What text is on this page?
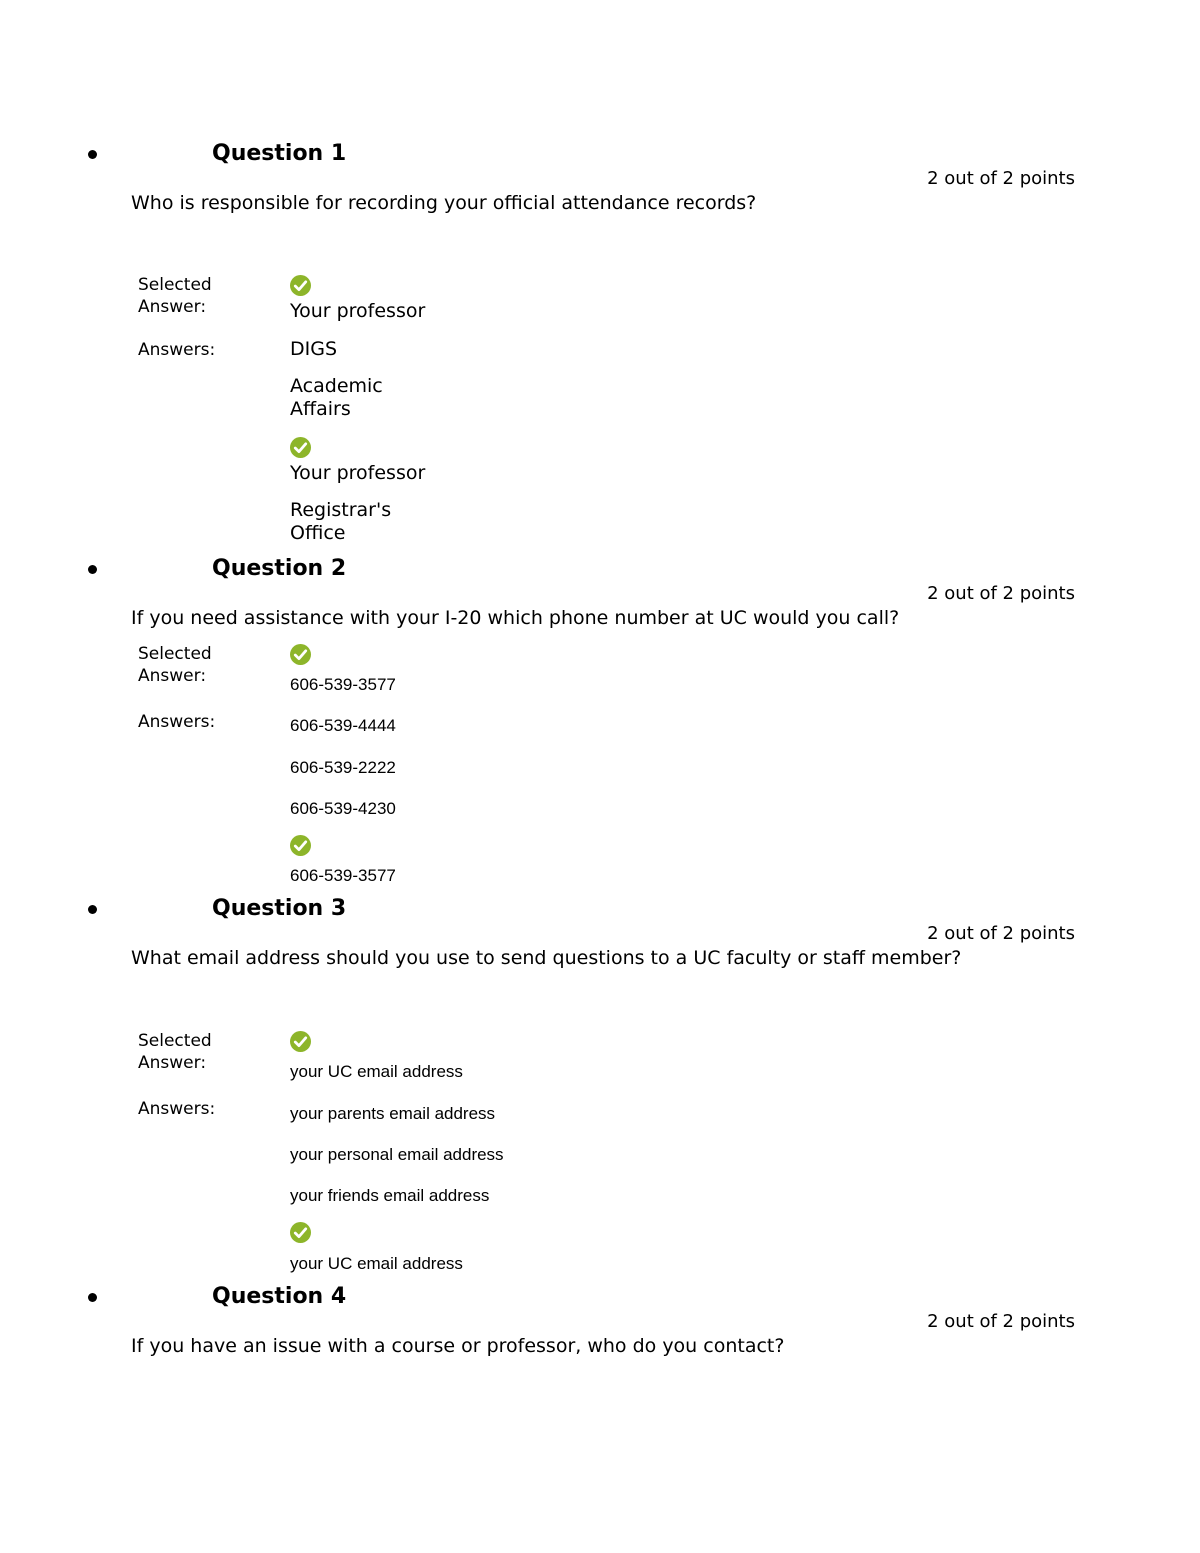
Question 1
2 out of 2 points
Who is responsible for recording your official attendance records?
Selected Answer:	Your professor
Answers:	DIGS
Academic Affairs
Your professor
Registrar's Office
Question 2
2 out of 2 points
If you need assistance with your I-20 which phone number at UC would you call?
Selected Answer:	606-539-3577
Answers:	606-539-4444
606-539-2222
606-539-4230
606-539-3577
Question 3
2 out of 2 points
What email address should you use to send questions to a UC faculty or staff member?
Selected Answer:	your UC email address
Answers:	your parents email address
your personal email address
your friends email address
your UC email address
Question 4
2 out of 2 points
If you have an issue with a course or professor, who do you contact?
